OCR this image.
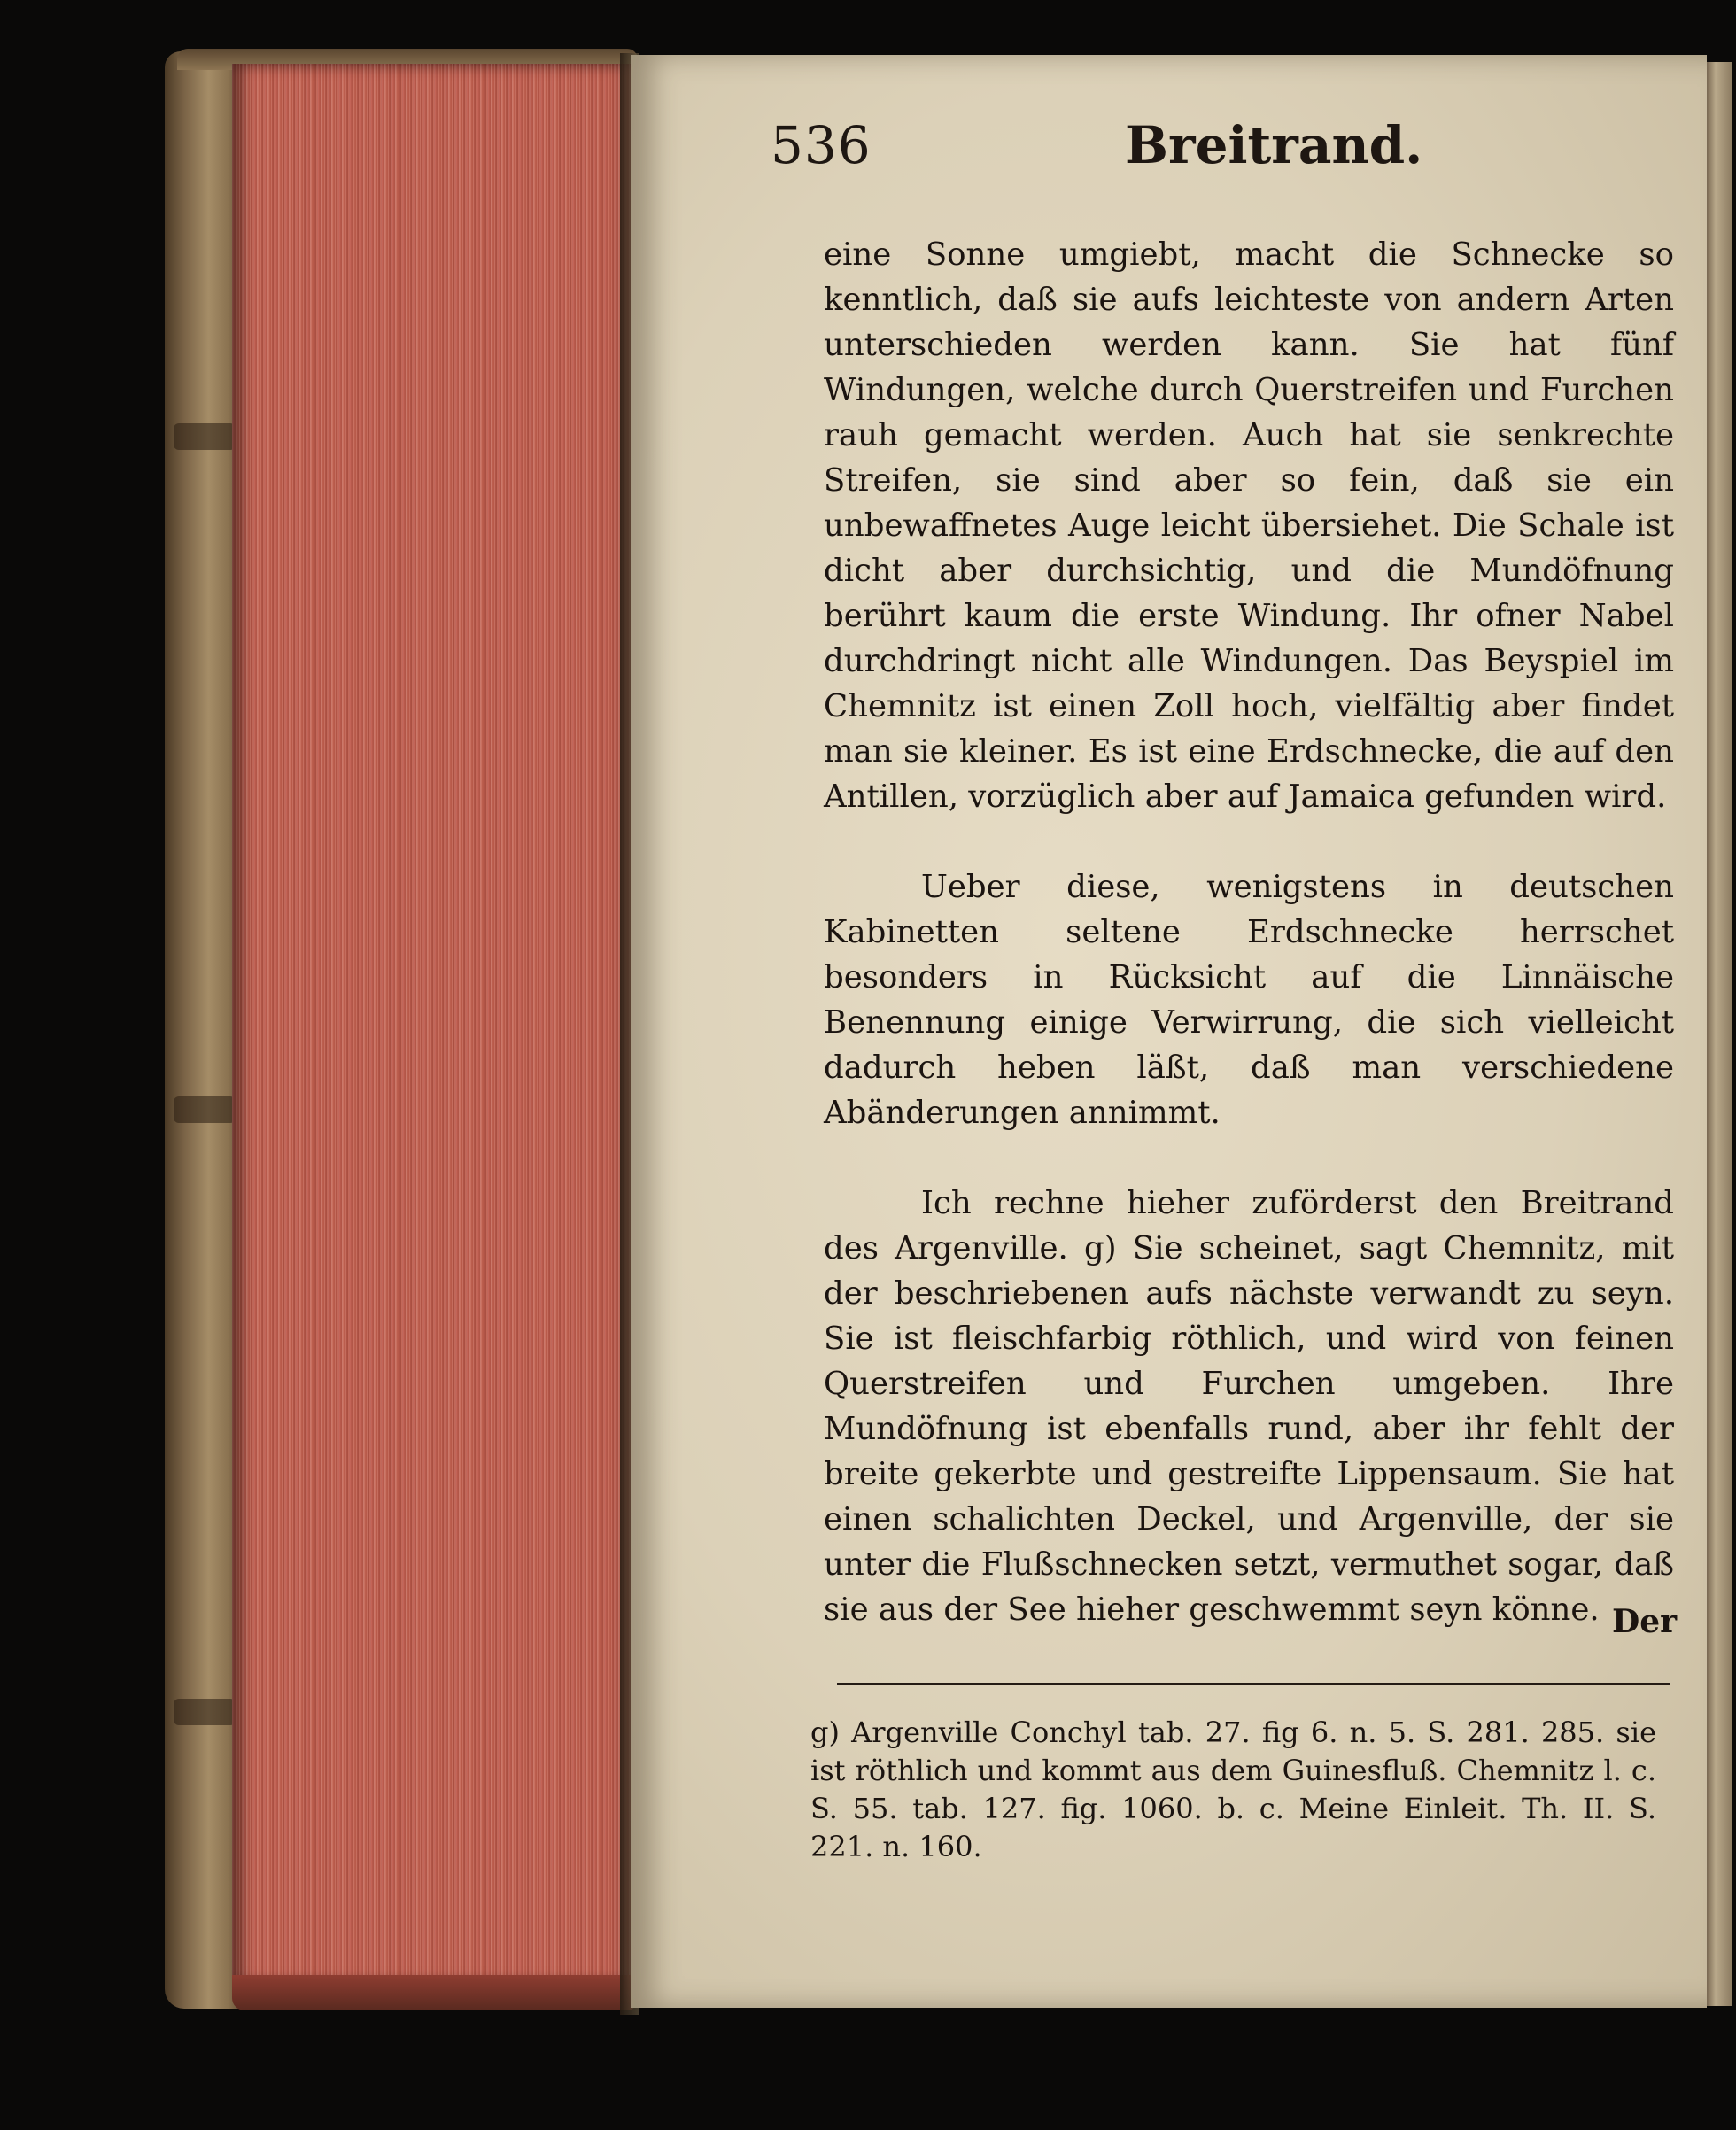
536	Breitrand.

eine Sonne umgiebt, macht die Schnecke so kenntlich, daß sie aufs leichteste von andern Arten unterschieden werden kann. Sie hat fünf Windungen, welche durch Querstreifen und Furchen rauh gemacht werden. Auch hat sie senkrechte Streifen, sie sind aber so fein, daß sie ein unbewaffnetes Auge leicht übersiehet. Die Schale ist dicht aber durchsichtig, und die Mundöfnung berührt kaum die erste Windung. Ihr ofner Nabel durchdringt nicht alle Windungen. Das Beyspiel im Chemnitz ist einen Zoll hoch, vielfältig aber findet man sie kleiner. Es ist eine Erdschnecke, die auf den Antillen, vorzüglich aber auf Jamaica gefunden wird.

Ueber diese, wenigstens in deutschen Kabinetten seltene Erdschnecke herrschet besonders in Rücksicht auf die Linnäische Benennung einige Verwirrung, die sich vielleicht dadurch heben läßt, daß man verschiedene Abänderungen annimmt.

Ich rechne hieher zuförderst den Breitrand des Argenville. g) Sie scheinet, sagt Chemnitz, mit der beschriebenen aufs nächste verwandt zu seyn. Sie ist fleischfarbig röthlich, und wird von feinen Querstreifen und Furchen umgeben. Ihre Mundöfnung ist ebenfalls rund, aber ihr fehlt der breite gekerbte und gestreifte Lippensaum. Sie hat einen schalichten Deckel, und Argenville, der sie unter die Flußschnecken setzt, vermuthet sogar, daß sie aus der See hieher geschwemmt seyn könne. Der
g) Argenville Conchyl tab. 27. fig 6. n. 5. S. 281. 285. sie ist röthlich und kommt aus dem Guinesfluß. Chemnitz l. c. S. 55. tab. 127. fig. 1060. b. c. Meine Einleit. Th. II. S. 221. n. 160.
